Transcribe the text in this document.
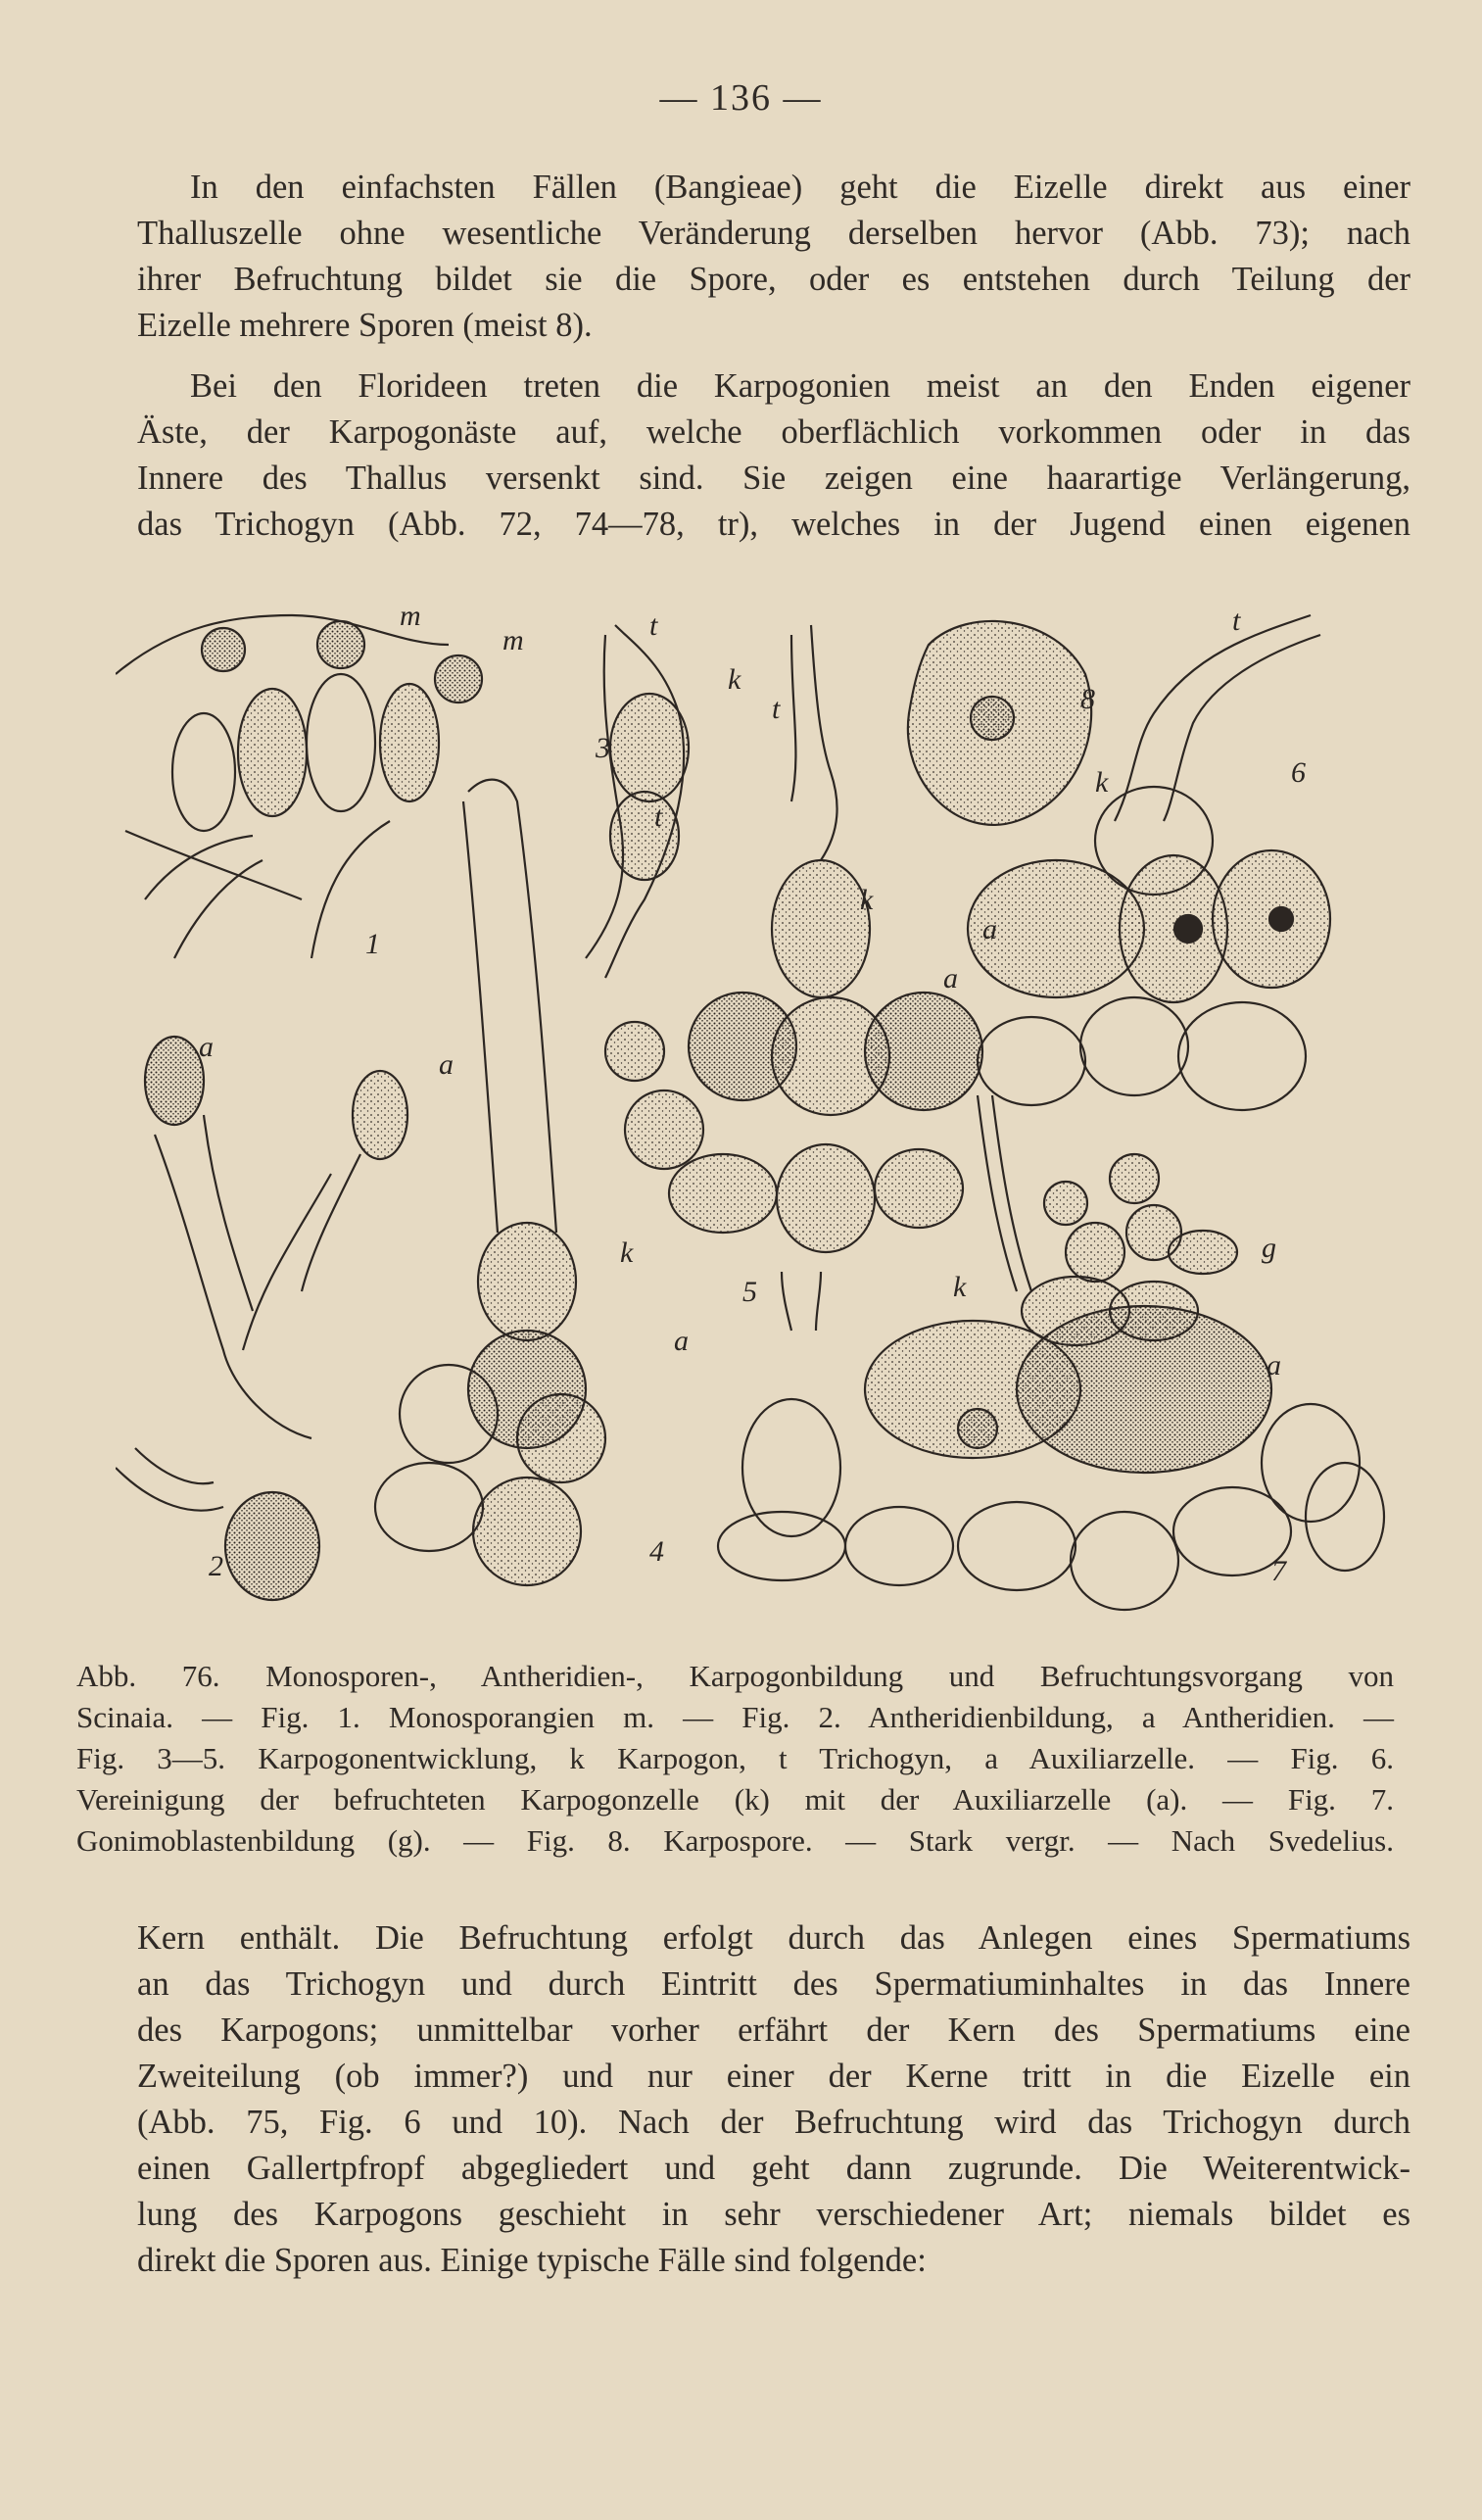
— 136 —

In den einfachsten Fällen (Bangieae) geht die Eizelle direkt aus einer

Thalluszelle ohne wesentliche Veränderung derselben hervor (Abb. 73); nach

ihrer Befruchtung bildet sie die Spore, oder es entstehen durch Teilung der

Eizelle mehrere Sporen (meist 8).

Bei den Florideen treten die Karpogonien meist an den Enden eigener

Äste, der Karpogonäste auf, welche oberflächlich vorkommen oder in das

Innere des Thallus versenkt sind. Sie zeigen eine haarartige Verlängerung,

das Trichogyn (Abb. 72, 74—78, tr), welches in der Jugend einen eigenen

m
m
1
a
a
2
t
k
3
t
k
a
5
t
k
a
4
8
t
k	6
a
k
g
a
7

Abb. 76. Monosporen-, Antheridien-, Karpogonbildung und Befruchtungsvorgang von

Scinaia. — Fig. 1. Monosporangien m. — Fig. 2. Antheridienbildung, a Antheridien. —

Fig. 3—5. Karpogonentwicklung, k Karpogon, t Trichogyn, a Auxiliarzelle. — Fig. 6.

Vereinigung der befruchteten Karpogonzelle (k) mit der Auxiliarzelle (a). — Fig. 7.

Gonimoblastenbildung (g). — Fig. 8. Karpospore. — Stark vergr. — Nach Svedelius.

Kern enthält. Die Befruchtung erfolgt durch das Anlegen eines Spermatiums

an das Trichogyn und durch Eintritt des Spermatiuminhaltes in das Innere

des Karpogons; unmittelbar vorher erfährt der Kern des Spermatiums eine

Zweiteilung (ob immer?) und nur einer der Kerne tritt in die Eizelle ein

(Abb. 75, Fig. 6 und 10). Nach der Befruchtung wird das Trichogyn durch

einen Gallertpfropf abgegliedert und geht dann zugrunde. Die Weiterentwick-

lung des Karpogons geschieht in sehr verschiedener Art; niemals bildet es

direkt die Sporen aus. Einige typische Fälle sind folgende:
